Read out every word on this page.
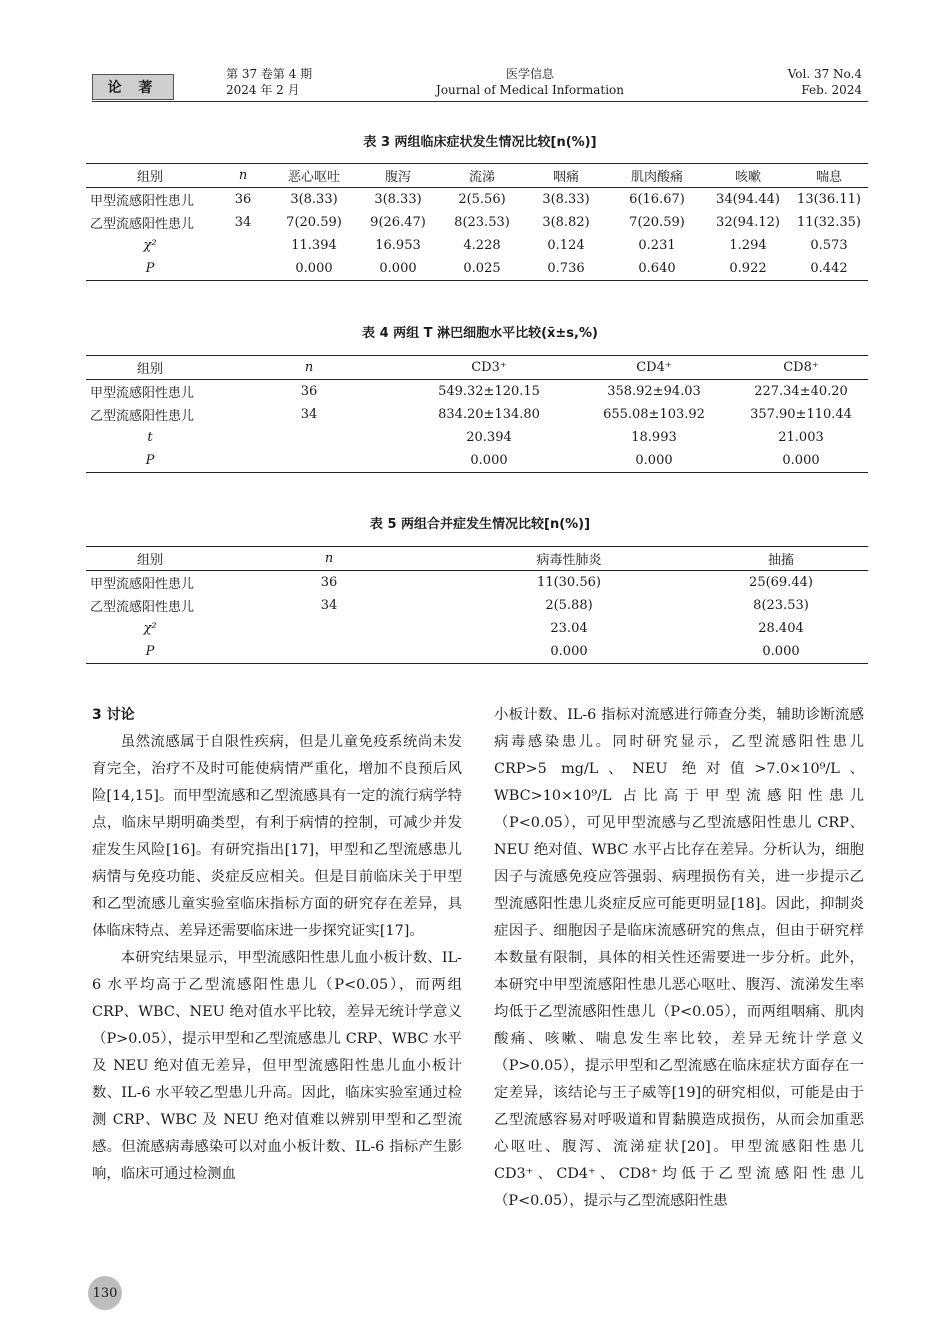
论 著
第 37 卷第 4 期
2024 年 2 月
医学信息
Journal of Medical Information
Vol. 37 No.4
Feb. 2024
表 3 两组临床症状发生情况比较[n(%)]
组别	n	恶心呕吐	腹泻	流涕	咽痛	肌肉酸痛	咳嗽	喘息
甲型流感阳性患儿	36	3(8.33)	3(8.33)	2(5.56)	3(8.33)	6(16.67)	34(94.44)	13(36.11)
乙型流感阳性患儿	34	7(20.59)	9(26.47)	8(23.53)	3(8.82)	7(20.59)	32(94.12)	11(32.35)
χ²		11.394	16.953	4.228	0.124	0.231	1.294	0.573
P		0.000	0.000	0.025	0.736	0.640	0.922	0.442
表 4 两组 T 淋巴细胞水平比较(x̄±s,%)
组别	n	CD3⁺	CD4⁺	CD8⁺
甲型流感阳性患儿	36	549.32±120.15	358.92±94.03	227.34±40.20
乙型流感阳性患儿	34	834.20±134.80	655.08±103.92	357.90±110.44
t		20.394	18.993	21.003
P		0.000	0.000	0.000
表 5 两组合并症发生情况比较[n(%)]
组别	n	病毒性肺炎	抽搐
甲型流感阳性患儿	36	11(30.56)	25(69.44)
乙型流感阳性患儿	34	2(5.88)	8(23.53)
χ²		23.04	28.404
P		0.000	0.000
3 讨论

虽然流感属于自限性疾病，但是儿童免疫系统尚未发育完全，治疗不及时可能使病情严重化，增加不良预后风险[14,15]。而甲型流感和乙型流感具有一定的流行病学特点，临床早期明确类型，有利于病情的控制，可减少并发症发生风险[16]。有研究指出[17]，甲型和乙型流感患儿病情与免疫功能、炎症反应相关。但是目前临床关于甲型和乙型流感儿童实验室临床指标方面的研究存在差异，具体临床特点、差异还需要临床进一步探究证实[17]。

本研究结果显示，甲型流感阳性患儿血小板计数、IL-6 水平均高于乙型流感阳性患儿（P<0.05），而两组 CRP、WBC、NEU 绝对值水平比较，差异无统计学意义（P>0.05），提示甲型和乙型流感患儿 CRP、WBC 水平及 NEU 绝对值无差异，但甲型流感阳性患儿血小板计数、IL-6 水平较乙型患儿升高。因此，临床实验室通过检测 CRP、WBC 及 NEU 绝对值难以辨别甲型和乙型流感。但流感病毒感染可以对血小板计数、IL-6 指标产生影响，临床可通过检测血

小板计数、IL-6 指标对流感进行筛查分类，辅助诊断流感病毒感染患儿。同时研究显示，乙型流感阳性患儿 CRP>5 mg/L、NEU 绝对值>7.0×10⁹/L、WBC>10×10⁹/L 占比高于甲型流感阳性患儿（P<0.05），可见甲型流感与乙型流感阳性患儿 CRP、NEU 绝对值、WBC 水平占比存在差异。分析认为，细胞因子与流感免疫应答强弱、病理损伤有关，进一步提示乙型流感阳性患儿炎症反应可能更明显[18]。因此，抑制炎症因子、细胞因子是临床流感研究的焦点，但由于研究样本数量有限制，具体的相关性还需要进一步分析。此外，本研究中甲型流感阳性患儿恶心呕吐、腹泻、流涕发生率均低于乙型流感阳性患儿（P<0.05），而两组咽痛、肌肉酸痛、咳嗽、喘息发生率比较，差异无统计学意义（P>0.05），提示甲型和乙型流感在临床症状方面存在一定差异，该结论与王子威等[19]的研究相似，可能是由于乙型流感容易对呼吸道和胃黏膜造成损伤，从而会加重恶心呕吐、腹泻、流涕症状[20]。甲型流感阳性患儿 CD3⁺、CD4⁺、CD8⁺均低于乙型流感阳性患儿（P<0.05），提示与乙型流感阳性患

130
